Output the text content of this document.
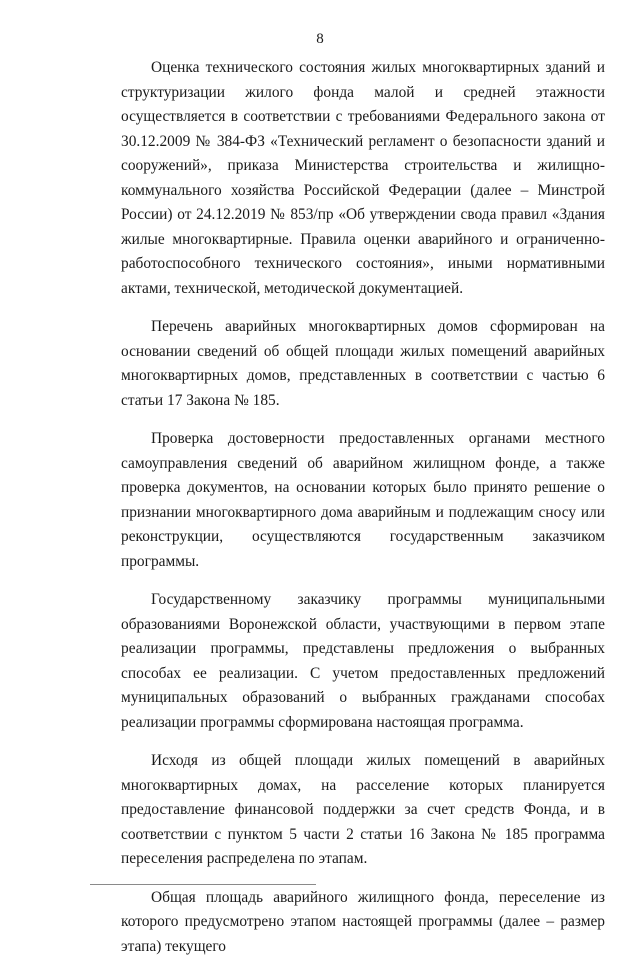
8

Оценка технического состояния жилых многоквартирных зданий и структуризации жилого фонда малой и средней этажности осуществляется в соответствии с требованиями Федерального закона от 30.12.2009 № 384-ФЗ «Технический регламент о безопасности зданий и сооружений», приказа Министерства строительства и жилищно-коммунального хозяйства Российской Федерации (далее – Минстрой России) от 24.12.2019 № 853/пр «Об утверждении свода правил «Здания жилые многоквартирные. Правила оценки аварийного и ограниченно-работоспособного технического состояния», иными нормативными актами, технической, методической документацией.

Перечень аварийных многоквартирных домов сформирован на основании сведений об общей площади жилых помещений аварийных многоквартирных домов, представленных в соответствии с частью 6 статьи 17 Закона № 185.

Проверка достоверности предоставленных органами местного самоуправления сведений об аварийном жилищном фонде, а также проверка документов, на основании которых было принято решение о признании многоквартирного дома аварийным и подлежащим сносу или реконструкции, осуществляются государственным заказчиком программы.

Государственному заказчику программы муниципальными образованиями Воронежской области, участвующими в первом этапе реализации программы, представлены предложения о выбранных способах ее реализации. С учетом предоставленных предложений муниципальных образований о выбранных гражданами способах реализации программы сформирована настоящая программа.

Исходя из общей площади жилых помещений в аварийных многоквартирных домах, на расселение которых планируется предоставление финансовой поддержки за счет средств Фонда, и в соответствии с пунктом 5 части 2 статьи 16 Закона № 185 программа переселения распределена по этапам.

Общая площадь аварийного жилищного фонда, переселение из которого предусмотрено этапом настоящей программы (далее – размер этапа) текущего
